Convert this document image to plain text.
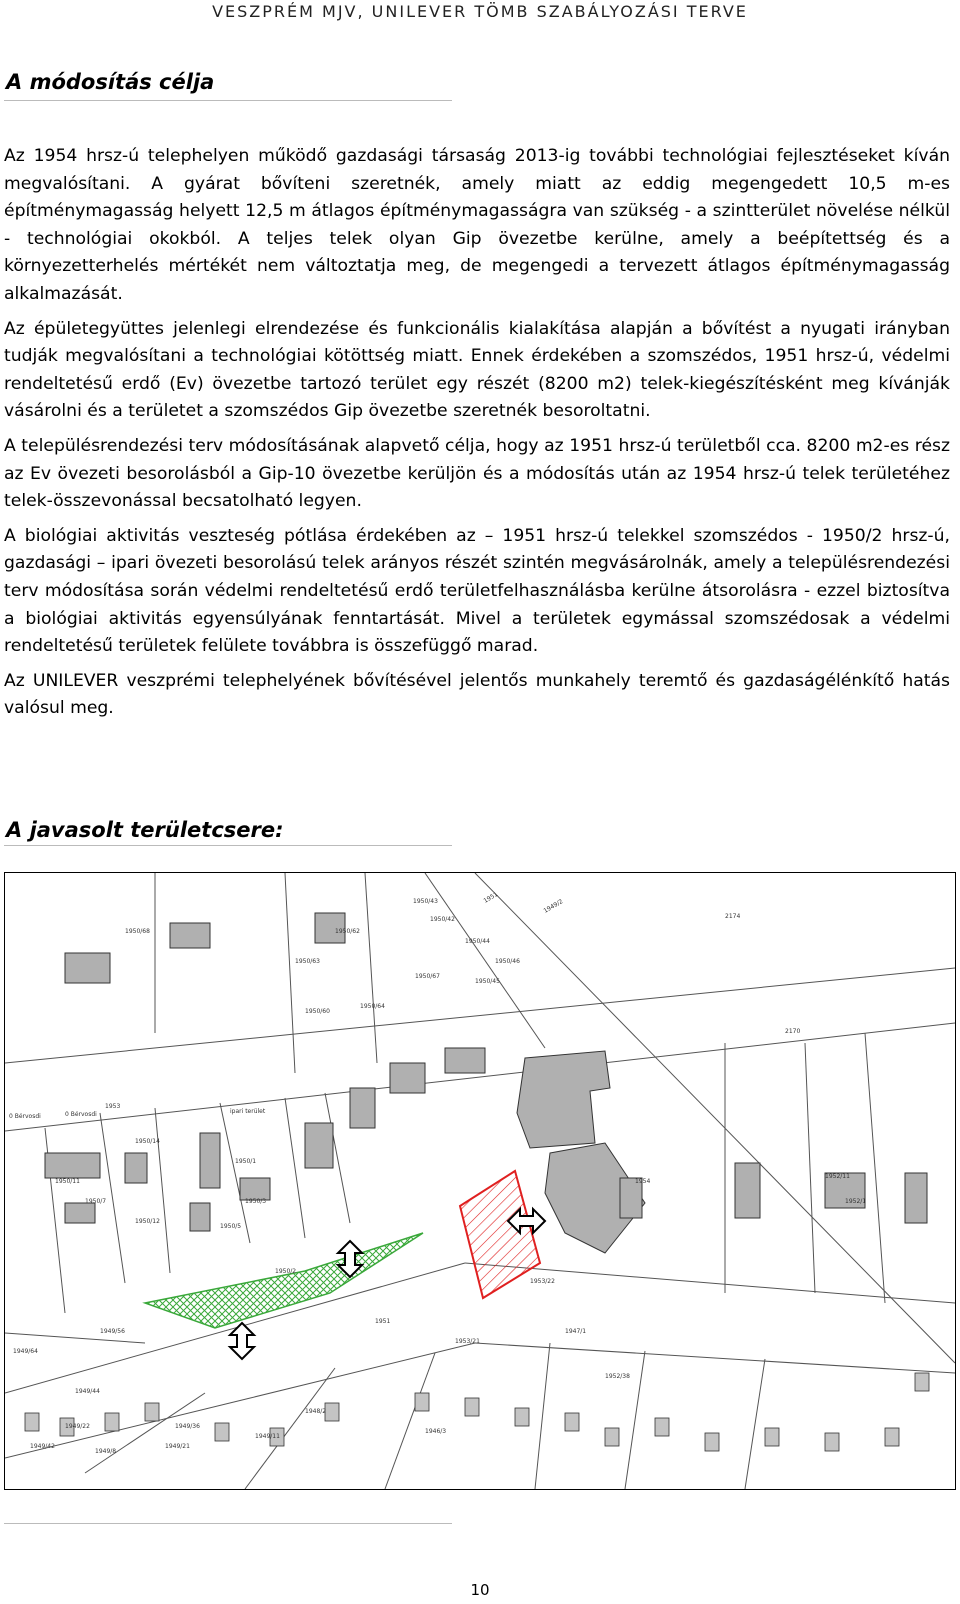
VESZPRÉM MJV, UNILEVER TÖMB SZABÁLYOZÁSI TERVE
A módosítás célja

Az 1954 hrsz-ú telephelyen működő gazdasági társaság 2013-ig további technológiai fejlesztéseket kíván megvalósítani. A gyárat bővíteni szeretnék, amely miatt az eddig megengedett 10,5 m-es építménymagasság helyett 12,5 m átlagos építménymagasságra van szükség - a szintterület növelése nélkül - technológiai okokból. A teljes telek olyan Gip övezetbe kerülne, amely a beépítettség és a környezetterhelés mértékét nem változtatja meg, de megengedi a tervezett átlagos építménymagasság alkalmazását.

Az épületegyüttes jelenlegi elrendezése és funkcionális kialakítása alapján a bővítést a nyugati irányban tudják megvalósítani a technológiai kötöttség miatt. Ennek érdekében a szomszédos, 1951 hrsz-ú, védelmi rendeltetésű erdő (Ev) övezetbe tartozó terület egy részét (8200 m2) telek-kiegészítésként meg kívánják vásárolni és a területet a szomszédos Gip övezetbe szeretnék besoroltatni.

A településrendezési terv módosításának alapvető célja, hogy az 1951 hrsz-ú területből cca. 8200 m2-es rész az Ev övezeti besorolásból a Gip-10 övezetbe kerüljön és a módosítás után az 1954 hrsz-ú telek területéhez telek-összevonással becsatolható legyen.

A biológiai aktivitás veszteség pótlása érdekében az – 1951 hrsz-ú telekkel szomszédos - 1950/2 hrsz-ú, gazdasági – ipari övezeti besorolású telek arányos részét szintén megvásárolnák, amely a településrendezési terv módosítása során védelmi rendeltetésű erdő területfelhasználásba kerülne átsorolásra - ezzel biztosítva a biológiai aktivitás egyensúlyának fenntartását. Mivel a területek egymással szomszédosak a védelmi rendeltetésű területek felülete továbbra is összefüggő marad.

Az UNILEVER veszprémi telephelyének bővítésével jelentős munkahely teremtő és gazdaságélénkítő hatás valósul meg.

A javasolt területcsere:
1950/68
1950/43
1950/42
1950/62
1950/63
1950/44
1950/45
1950/46
1950/67
1950/60
1950/64
1951
1949/2
2174
2170
1950/3
1950/2
1950/14
1950/7
1950/12
1950/5
1950/1
1951
1953
1954
1952/1
1952/11
1953/22
1953/21
1947/1
1949/64
1949/56
1949/44
1949/22	1949/36
1949/21
1949/42
1949/11
1949/8
1948/2
1946/3
1952/38
1950/11
ipari terület
0 Bérvosdi	0 Bérvosdi
10
